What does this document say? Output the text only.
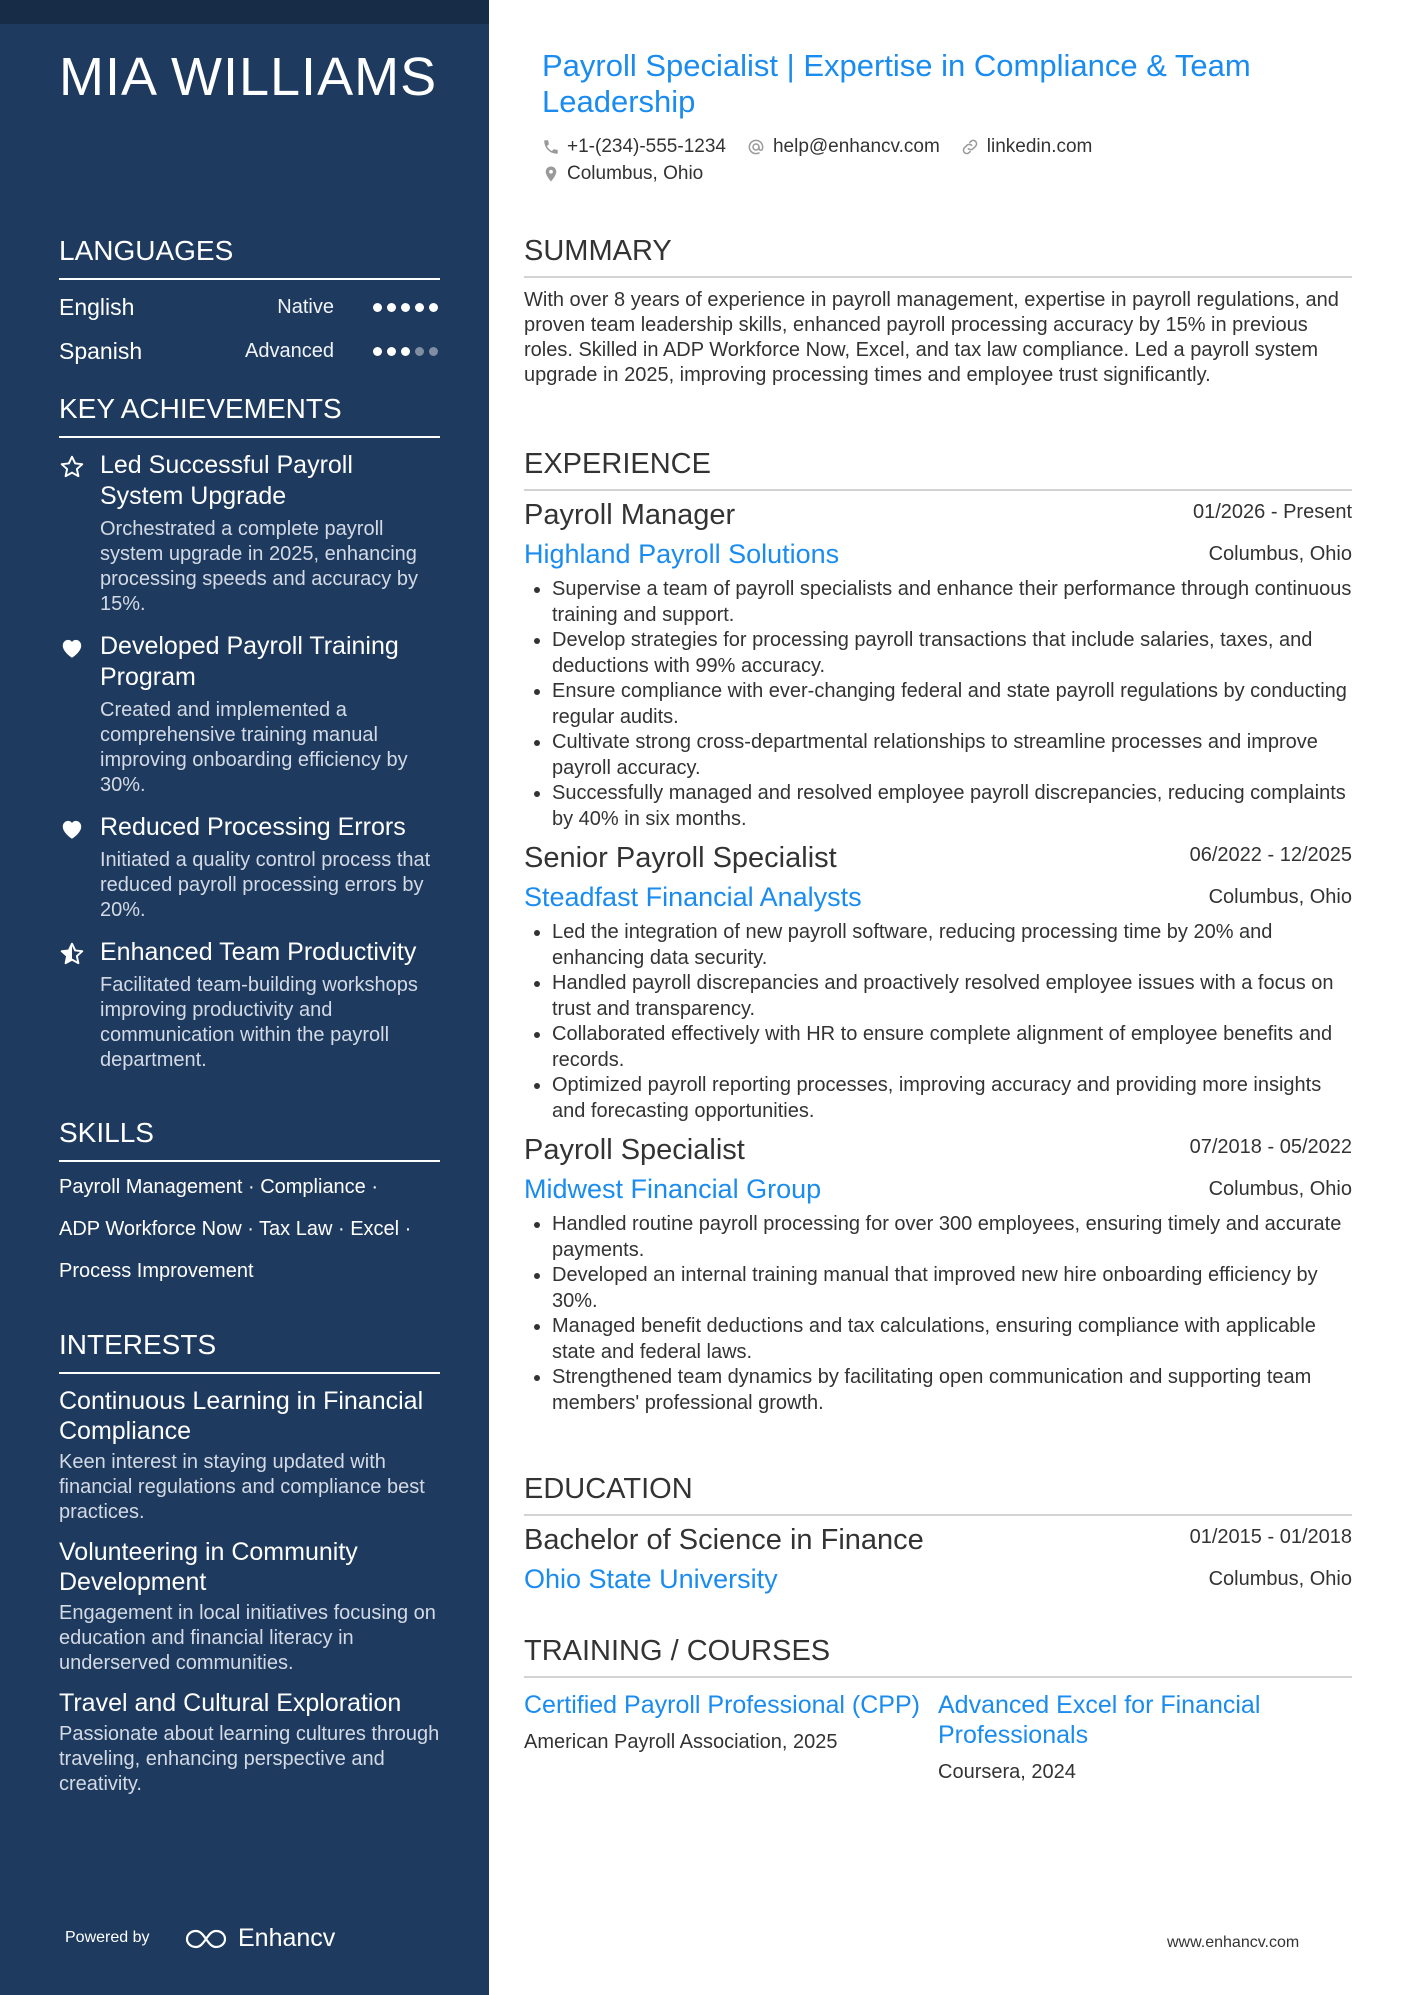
MIA WILLIAMS
LANGUAGES
English	Native
Spanish	Advanced
KEY ACHIEVEMENTS
Led Successful Payroll System Upgrade
Orchestrated a complete payroll system upgrade in 2025, enhancing processing speeds and accuracy by 15%.
Developed Payroll Training Program
Created and implemented a comprehensive training manual improving onboarding efficiency by 30%.
Reduced Processing Errors
Initiated a quality control process that reduced payroll processing errors by 20%.
Enhanced Team Productivity
Facilitated team-building workshops improving productivity and communication within the payroll department.
SKILLS
Payroll Management · Compliance ·
ADP Workforce Now · Tax Law · Excel ·
Process Improvement
INTERESTS
Continuous Learning in Financial Compliance
Keen interest in staying updated with financial regulations and compliance best practices.
Volunteering in Community Development
Engagement in local initiatives focusing on education and financial literacy in underserved communities.
Travel and Cultural Exploration
Passionate about learning cultures through traveling, enhancing perspective and creativity.
Powered by	Enhancv
Payroll Specialist | Expertise in Compliance & Team Leadership
+1-(234)-555-1234 help@enhancv.com linkedin.com
Columbus, Ohio
SUMMARY
With over 8 years of experience in payroll management, expertise in payroll regulations, and proven team leadership skills, enhanced payroll processing accuracy by 15% in previous roles. Skilled in ADP Workforce Now, Excel, and tax law compliance. Led a payroll system upgrade in 2025, improving processing times and employee trust significantly.
EXPERIENCE
Payroll Manager	01/2026 - Present
Highland Payroll Solutions	Columbus, Ohio
• Supervise a team of payroll specialists and enhance their performance through continuous training and support.
• Develop strategies for processing payroll transactions that include salaries, taxes, and deductions with 99% accuracy.
• Ensure compliance with ever-changing federal and state payroll regulations by conducting regular audits.
• Cultivate strong cross-departmental relationships to streamline processes and improve payroll accuracy.
• Successfully managed and resolved employee payroll discrepancies, reducing complaints by 40% in six months.
Senior Payroll Specialist	06/2022 - 12/2025
Steadfast Financial Analysts	Columbus, Ohio
• Led the integration of new payroll software, reducing processing time by 20% and enhancing data security.
• Handled payroll discrepancies and proactively resolved employee issues with a focus on trust and transparency.
• Collaborated effectively with HR to ensure complete alignment of employee benefits and records.
• Optimized payroll reporting processes, improving accuracy and providing more insights and forecasting opportunities.
Payroll Specialist	07/2018 - 05/2022
Midwest Financial Group	Columbus, Ohio
• Handled routine payroll processing for over 300 employees, ensuring timely and accurate payments.
• Developed an internal training manual that improved new hire onboarding efficiency by 30%.
• Managed benefit deductions and tax calculations, ensuring compliance with applicable state and federal laws.
• Strengthened team dynamics by facilitating open communication and supporting team members' professional growth.
EDUCATION
Bachelor of Science in Finance	01/2015 - 01/2018
Ohio State University	Columbus, Ohio
TRAINING / COURSES
Certified Payroll Professional (CPP)
American Payroll Association, 2025
Advanced Excel for Financial Professionals
Coursera, 2024
www.enhancv.com
